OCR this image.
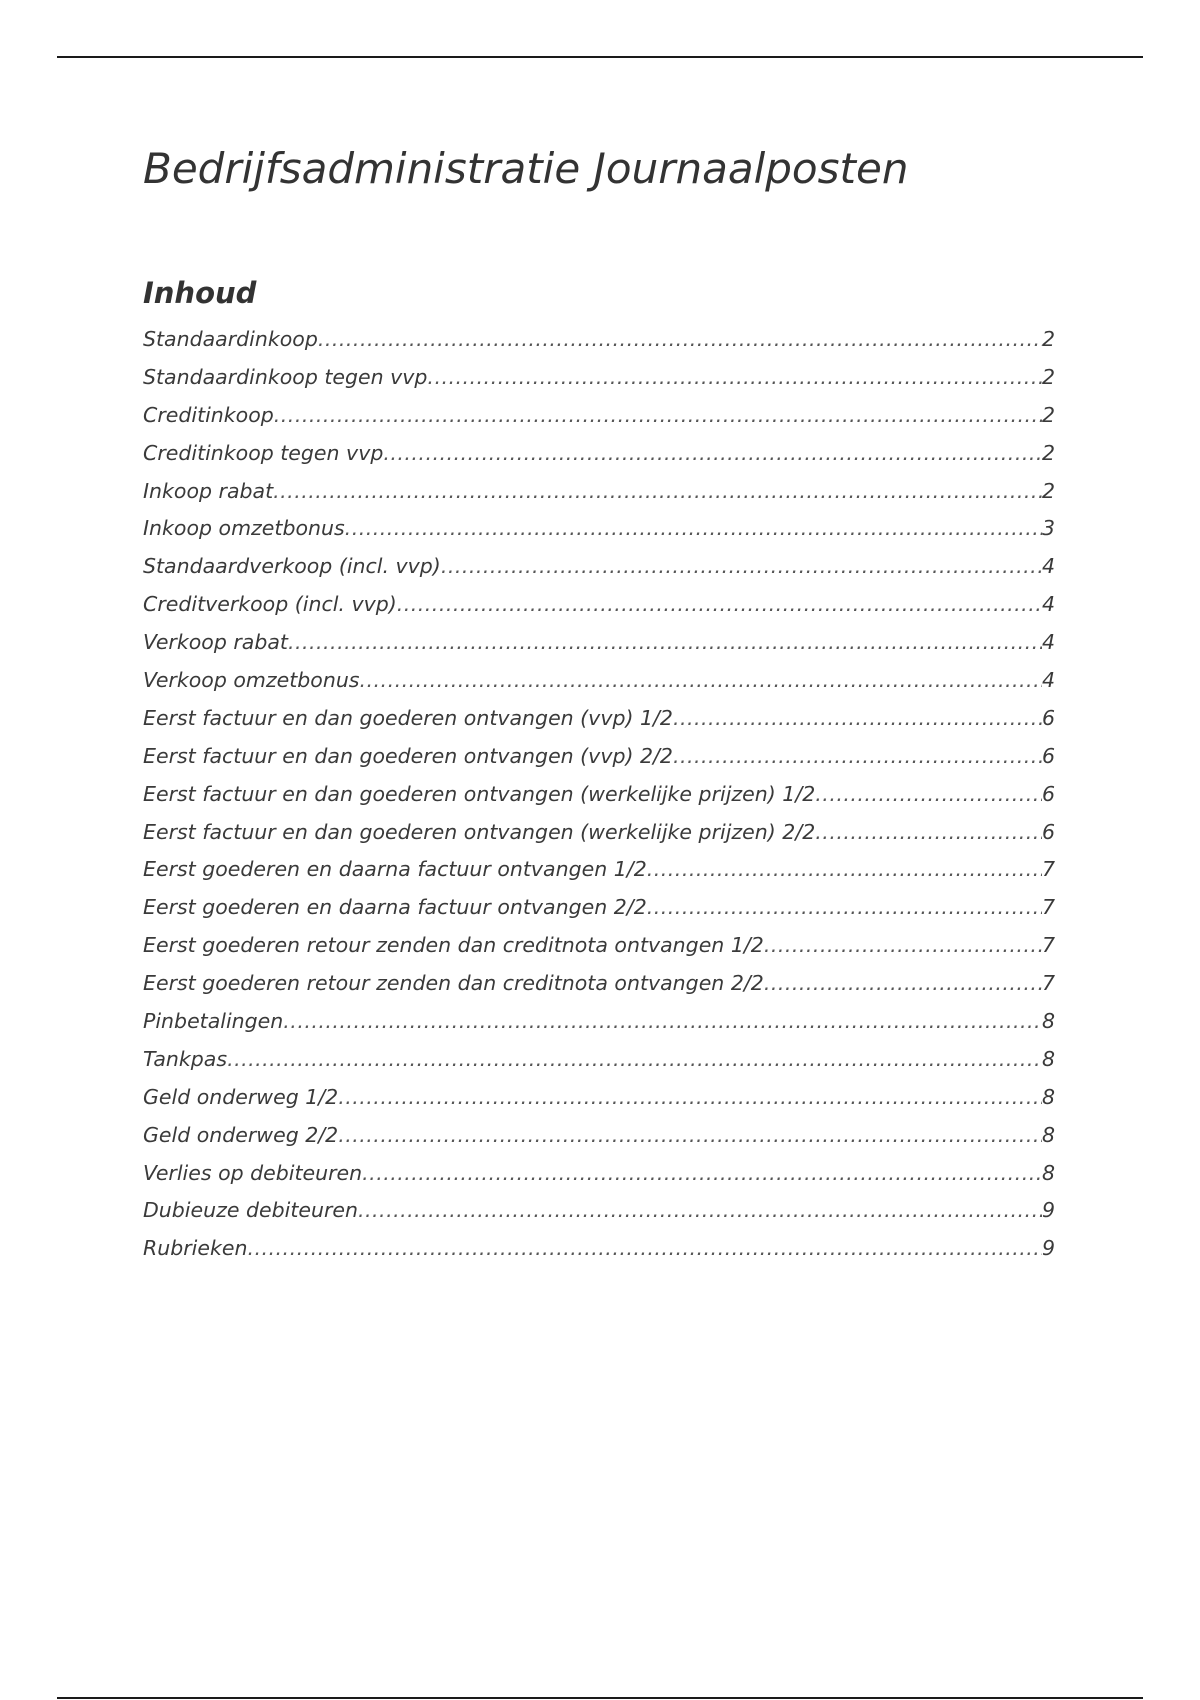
Bedrijfsadministratie Journaalposten
Inhoud
Standaardinkoop .....	2
Standaardinkoop tegen vvp .....	2
Creditinkoop .....	2
Creditinkoop tegen vvp .....	2
Inkoop rabat .....	2
Inkoop omzetbonus .....	3
Standaardverkoop (incl. vvp) .....	4
Creditverkoop (incl. vvp) .....	4
Verkoop rabat .....	4
Verkoop omzetbonus .....	4
Eerst factuur en dan goederen ontvangen (vvp) 1/2 .....	6
Eerst factuur en dan goederen ontvangen (vvp) 2/2 .....	6
Eerst factuur en dan goederen ontvangen (werkelijke prijzen) 1/2 .....	6
Eerst factuur en dan goederen ontvangen (werkelijke prijzen) 2/2 .....	6
Eerst goederen en daarna factuur ontvangen 1/2 .....	7
Eerst goederen en daarna factuur ontvangen 2/2 .....	7
Eerst goederen retour zenden dan creditnota ontvangen 1/2 .....	7
Eerst goederen retour zenden dan creditnota ontvangen 2/2 .....	7
Pinbetalingen .....	8
Tankpas .....	8
Geld onderweg 1/2 .....	8
Geld onderweg 2/2 .....	8
Verlies op debiteuren .....	8
Dubieuze debiteuren .....	9
Rubrieken .....	9
